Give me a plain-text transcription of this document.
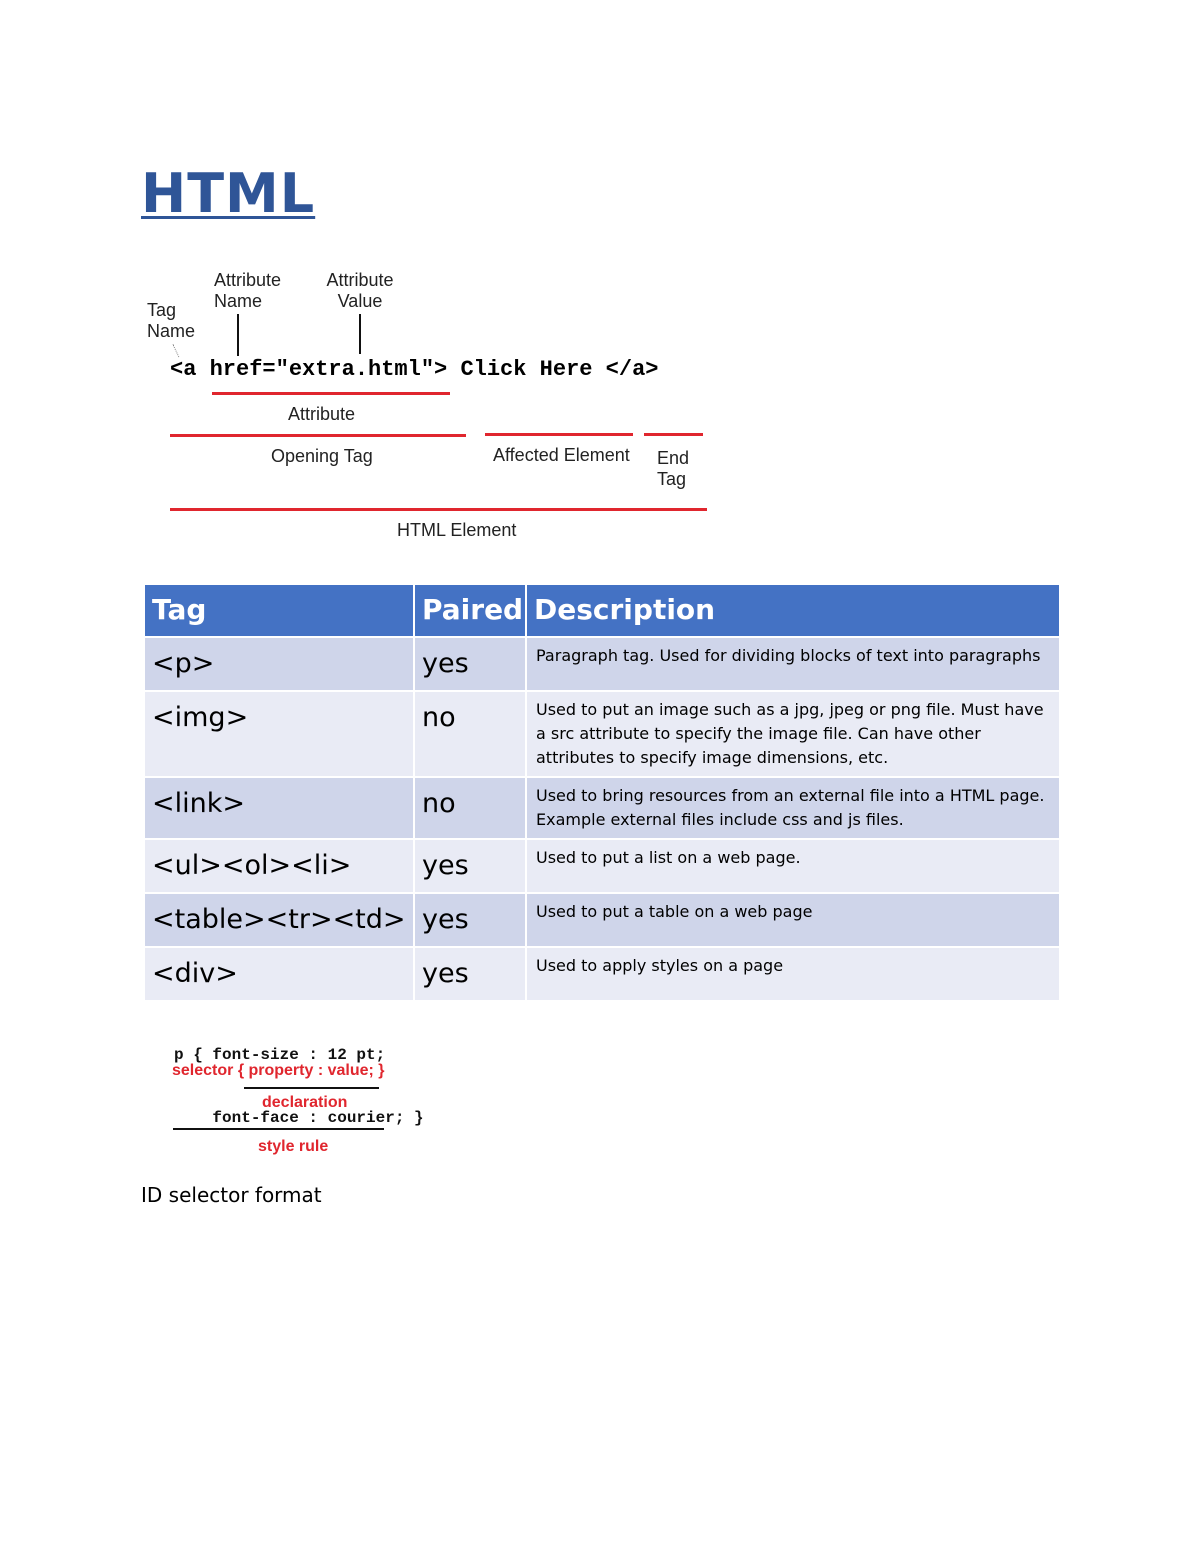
HTML
Tag
Name
Attribute
Name
Attribute
Value
<a href="extra.html"> Click Here </a>
Attribute
Opening Tag	Affected Element End
Tag
HTML Element
Tag	Paired	Description
<p>	yes	Paragraph tag. Used for dividing blocks of text into paragraphs
<img>	no	Used to put an image such as a jpg, jpeg or png file. Must have a src attribute to specify the image file. Can have other attributes to specify image dimensions, etc.
<link>	no	Used to bring resources from an external file into a HTML page. Example external files include css and js files.
<ul><ol><li>	yes	Used to put a list on a web page.
<table><tr><td>	yes	Used to put a table on a web page
<div>	yes	Used to apply styles on a page

p { font-size : 12 pt;

font-face : courier; }

selector { property : value; }
declaration
style rule
ID selector format
